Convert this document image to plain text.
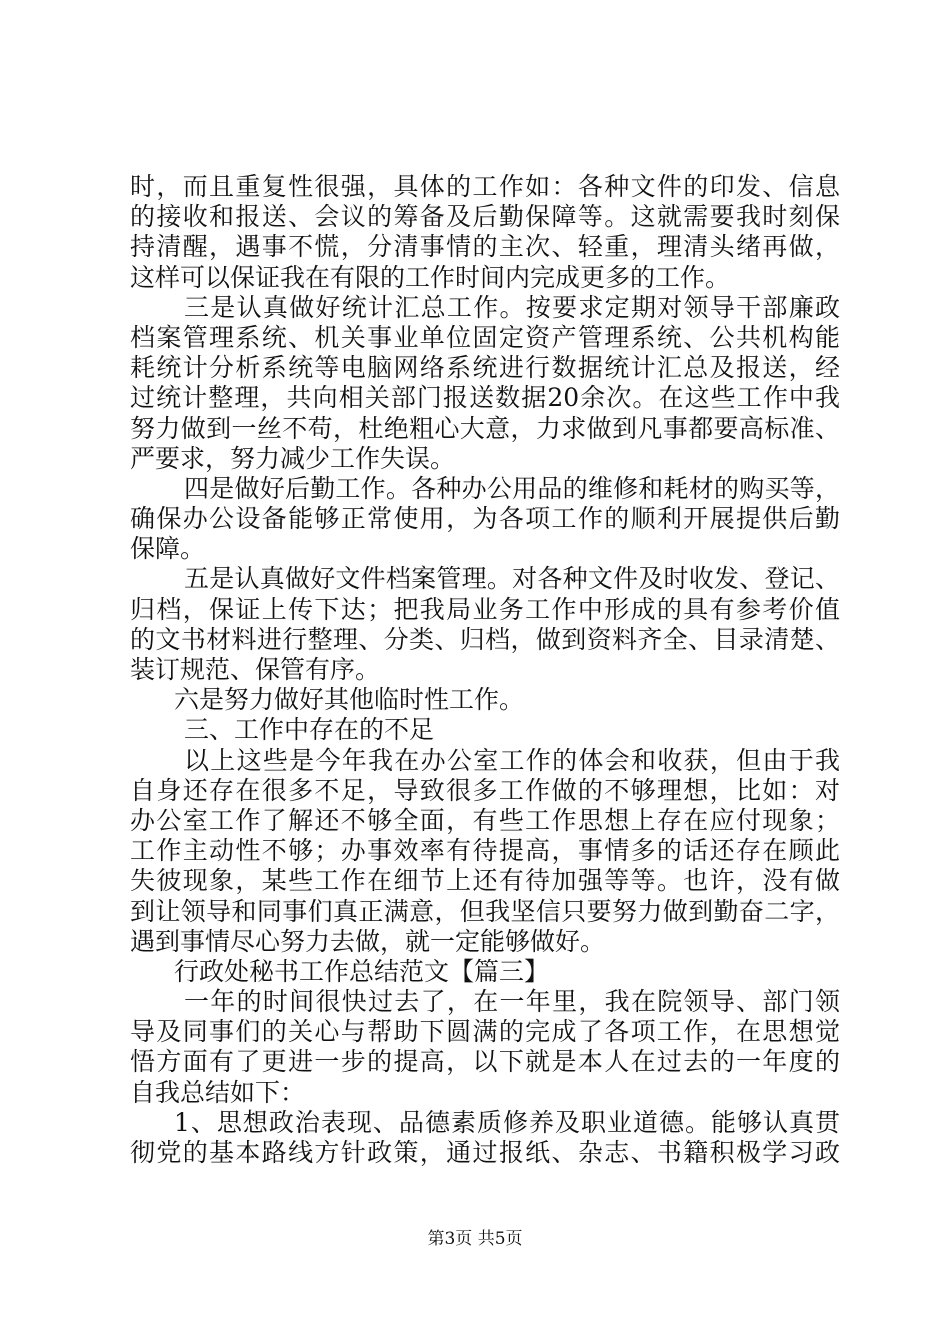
时，而且重复性很强，具体的工作如：各种文件的印发、信息
的接收和报送、会议的筹备及后勤保障等。这就需要我时刻保
持清醒，遇事不慌，分清事情的主次、轻重，理清头绪再做，
这样可以保证我在有限的工作时间内完成更多的工作。
三是认真做好统计汇总工作。按要求定期对领导干部廉政
档案管理系统、机关事业单位固定资产管理系统、公共机构能
耗统计分析系统等电脑网络系统进行数据统计汇总及报送，经
过统计整理，共向相关部门报送数据20余次。在这些工作中我
努力做到一丝不苟，杜绝粗心大意，力求做到凡事都要高标准、
严要求，努力减少工作失误。
四是做好后勤工作。各种办公用品的维修和耗材的购买等，
确保办公设备能够正常使用，为各项工作的顺利开展提供后勤
保障。
五是认真做好文件档案管理。对各种文件及时收发、登记、
归档，保证上传下达；把我局业务工作中形成的具有参考价值
的文书材料进行整理、分类、归档，做到资料齐全、目录清楚、
装订规范、保管有序。
六是努力做好其他临时性工作。
三、工作中存在的不足
以上这些是今年我在办公室工作的体会和收获，但由于我
自身还存在很多不足，导致很多工作做的不够理想，比如：对
办公室工作了解还不够全面，有些工作思想上存在应付现象；
工作主动性不够；办事效率有待提高，事情多的话还存在顾此
失彼现象，某些工作在细节上还有待加强等等。也许，没有做
到让领导和同事们真正满意，但我坚信只要努力做到勤奋二字，
遇到事情尽心努力去做，就一定能够做好。
行政处秘书工作总结范文【篇三】
一年的时间很快过去了，在一年里，我在院领导、部门领
导及同事们的关心与帮助下圆满的完成了各项工作，在思想觉
悟方面有了更进一步的提高，以下就是本人在过去的一年度的
自我总结如下：
1、思想政治表现、品德素质修养及职业道德。能够认真贯
彻党的基本路线方针政策，通过报纸、杂志、书籍积极学习政
第3页 共5页
